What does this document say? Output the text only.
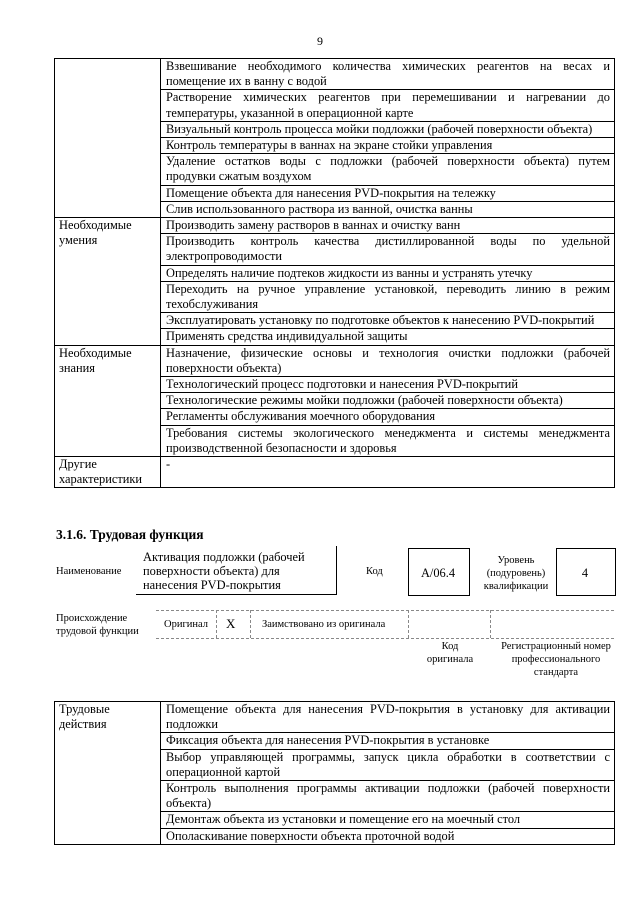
9
	Взвешивание необходимого количества химических реагентов на весах и помещение их в ванну с водой
	Растворение химических реагентов при перемешивании и нагревании до температуры, указанной в операционной карте
	Визуальный контроль процесса мойки подложки (рабочей поверхности объекта)
	Контроль температуры в ваннах на экране стойки управления
	Удаление остатков воды с подложки (рабочей поверхности объекта) путем продувки сжатым воздухом
	Помещение объекта для нанесения PVD-покрытия на тележку
	Слив использованного раствора из ванной, очистка ванны
Необходимые умения	Производить замену растворов в ваннах и очистку ванн
	Производить контроль качества дистиллированной воды по удельной электропроводимости
	Определять наличие подтеков жидкости из ванны и устранять утечку
	Переходить на ручное управление установкой, переводить линию в режим техобслуживания
	Эксплуатировать установку по подготовке объектов к нанесению PVD-покрытий
	Применять средства индивидуальной защиты
Необходимые знания	Назначение, физические основы и технология очистки подложки (рабочей поверхности объекта)
	Технологический процесс подготовки и нанесения PVD-покрытий
	Технологические режимы мойки подложки (рабочей поверхности объекта)
	Регламенты обслуживания моечного оборудования
	Требования системы экологического менеджмента и системы менеджмента производственной безопасности и здоровья
Другие характеристики	-
3.1.6. Трудовая функция
Наименование
Активация подложки (рабочей поверхности объекта) для нанесения PVD-покрытия
Код	А/06.4
Уровень (подуровень) квалификации
4
Происхождение трудовой функции
Оригинал X	Заимствовано из оригинала
Код оригинала
Регистрационный номер профессионального стандарта
Трудовые действия	Помещение объекта для нанесения PVD-покрытия в установку для активации подложки
Фиксация объекта для нанесения PVD-покрытия в установке
Выбор управляющей программы, запуск цикла обработки в соответствии с операционной картой
Контроль выполнения программы активации подложки (рабочей поверхности объекта)
Демонтаж объекта из установки и помещение его на моечный стол
Ополаскивание поверхности объекта проточной водой
